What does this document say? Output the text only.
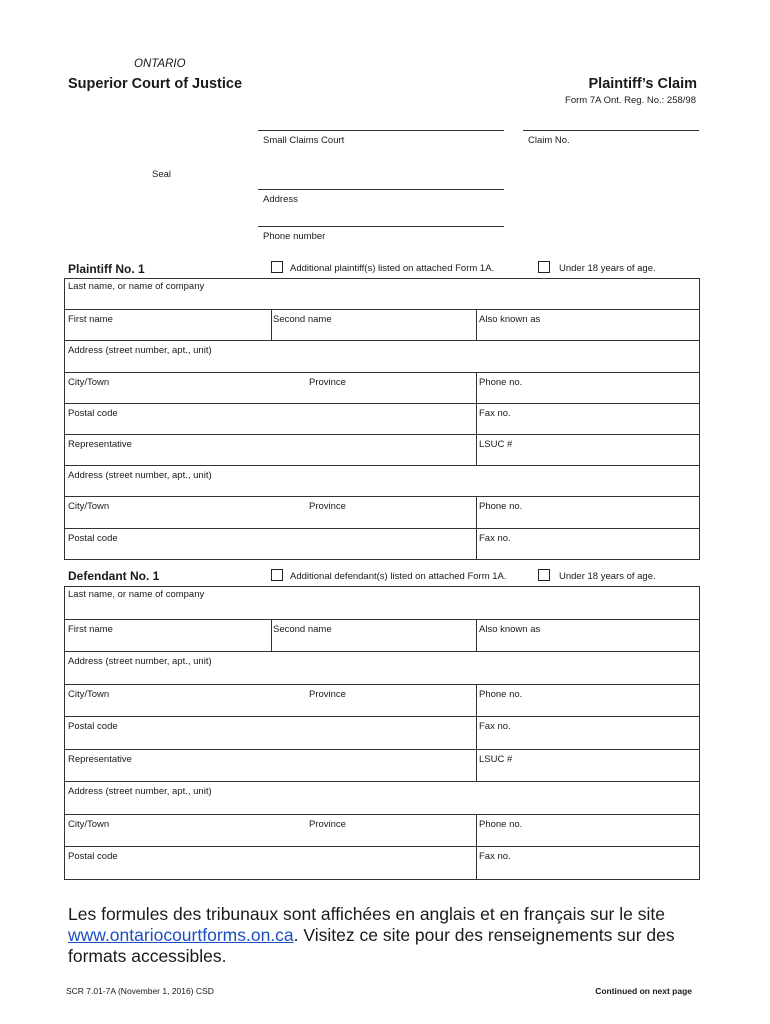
ONTARIO
Superior Court of Justice	Plaintiff’s Claim
Form 7A Ont. Reg. No.: 258/98
Small Claims Court	Claim No.
Seal
Address
Phone number
Plaintiff No. 1	Additional plaintiff(s) listed on attached Form 1A.	Under 18 years of age.
Last name, or name of company
First name	Second name	Also known as
Address (street number, apt., unit)
City/Town	Province	Phone no.
Postal code	Fax no.
Representative	LSUC #
Address (street number, apt., unit)
City/Town	Province	Phone no.
Postal code	Fax no.
Defendant No. 1	Additional defendant(s) listed on attached Form 1A.	Under 18 years of age.
Last name, or name of company
First name	Second name	Also known as
Address (street number, apt., unit)
City/Town	Province	Phone no.
Postal code	Fax no.
Representative	LSUC #
Address (street number, apt., unit)
City/Town	Province	Phone no.
Postal code	Fax no.
Les formules des tribunaux sont affichées en anglais et en français sur le site www.ontariocourtforms.on.ca. Visitez ce site pour des renseignements sur des formats accessibles.
SCR 7.01-7A (November 1, 2016) CSD	Continued on next page
